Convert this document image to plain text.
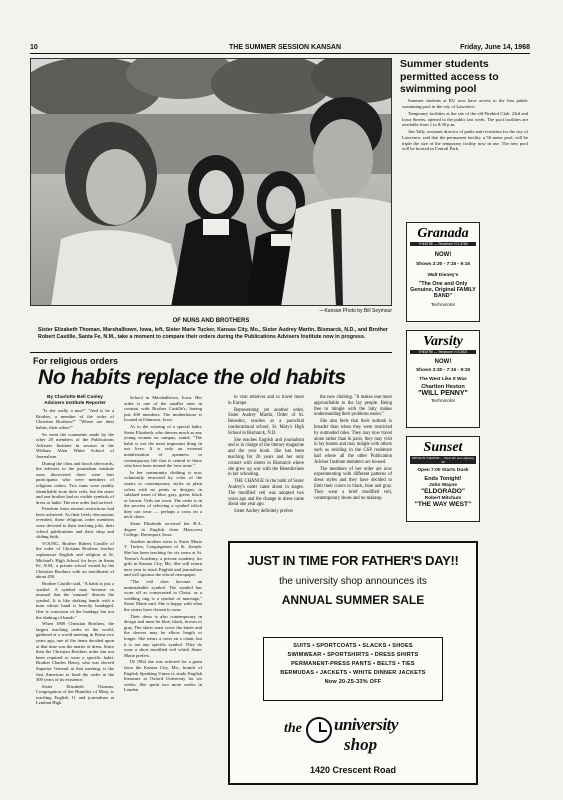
10	THE SUMMER SESSION KANSAN	Friday, June 14, 1968
—Kansan Photo by Bill Seymour
OF NUNS AND BROTHERS
Sister Elizabeth Thoman, Marshalltown, Iowa, left, Sister Marie Tucker, Kansas City, Mo., Sister Audrey Martin, Bismarck, N.D., and Brother Robert Castille, Santa Fe, N.M., take a moment to compare their orders during the Publications Advisers Institute now in progress.
For religious orders
No habits replace the old habits
By Charlotte Bell Conley
Advisers Institute Reporter

"Is she really a nun?" "And is he a Brother, a member of the order of Christian Brothers?" "Where are their habits, their robes?"

So went the comments made by the other 20 members of the Publications Advisers Institute in session at the William Allen White School of Journalism.

During the class and lunch afterwards, the advisers in the journalism institute soon discovered there were four participants who were members of religious orders. Two nuns were readily identifiable from their veils, but the sister and one brother had no visible symbols of dress or habit. The new order had arrived.

Freedom from ancient restrictions had been achieved. As their lively discussions revealed, these religious order members were devoted to their teaching jobs, their school publications and their shop and sliding faith.

YOUNG, Brother Robert Castille of the order of Christian Brothers teaches sophomore English and religion at St. Michael's High School for boys in Santa Fe, N.M., a private school owned by the Christian Brothers with an enrollment of about 450.

Brother Castille said, "A habit is just a symbol. A symbol may become so unusual that the 'unusual' distorts the symbol. It is like shaking hands with a man whose hand is heavily bandaged. One is conscious of the bandage but not the shaking of hands."

When 1800 Christian Brothers, the largest teaching order in the world, gathered at a world meeting in Rome two years ago, one of the items decided upon at that time was the matter of dress. Since then the Christian Brothers order has not been required to wear a specific habit. Brother Charles Henry, who was elected Superior General at that meeting, is the first American to head the order in the 300 years of its existence.

Sister Elizabeth Thoman, Congregation of the Humility of Mary, is teaching English 11 and journalism at Lenihan High

School in Marshalltown, Iowa. Her order is one of the smaller ones in contrast with Brother Castille's, having just 400 members. The motherhouse is located in Ottumwa, Iowa.

As to the wearing of a special habit, Sister Elizabeth, who dresses much as any young woman on campus, stated, "The habit is not the most important thing in our lives. It is only an external manifestation of openness to contemporary life that is central to those who have been termed the 'new nuns'."

In her community clothing is now voluntarily restricted by color of the sisters to contemporary styles in plain colors with no prints or designs, in subdued tones of blue, gray, green, black or brown. Veils are worn. The order is in the process of selecting a symbol which they can wear — perhaps a cross on a neck chain.

Sister Elizabeth received her B.A. degree in English from Marycrest College, Davenport, Iowa.

Another modern sister is Sister Marie T. Tucker, Congregation of St. Joseph. She has been teaching for six years at St. Teresa's Academy, a private academy for girls in Kansas City, Mo. She will return next year to teach English and journalism and will sponsor the school newspaper.

"The veil does become an unmistakable symbol. The symbol has worn off as consecrated to Christ, as a wedding ring is a symbol of marriage," Sister Marie said. She is happy with what the sisters have chosen to wear.

Their dress is also contemporary in design and must be blue, black, brown or gray. The skirts must cover the knees and the sleeves may be elbow length or longer. She wears a cross on a chain, but it is not any specific symbol. They do wear a short modified veil which Sister Marie prefers.

IN 1964 she was selected for a grant from the Kansas City, Mo., branch of English Speaking Union to study English literature at Oxford University for six weeks. She spent two more weeks in London

to visit relatives and to travel more in Europe.

Representing yet another order, Sister Audrey Martin, Order of St. Benedict, teaches at a parochial coeducational school, St. Mary's High School in Bismarck, N.D.

She teaches English and journalism and is in charge of the literary magazine and the year book. She has been teaching for 20 years and her only contact with sisters in Bismarck where she grew up was with the Benedictines in her schooling.

THE CHANGE in the habit of Sister Audrey's order came about in stages. The modified veil was adopted two years ago and the change in dress came about one year ago.

Sister Audrey definitely prefers

the new clothing. "It makes one more approachable to the lay people. Being free to mingle with the laity makes understanding their problems easier."

She also feels that their outlook is broader than when they were restricted by outmoded rules. They may now travel alone rather than in pairs, they may visit in lay homes and may mingle with others such as residing in the GSP residence hall where all the other Publication Adviser Institute members are housed.

The members of her order are now experimenting with different patterns of dress styles and they have decided to limit their colors to black, blue and gray. They wear a brief modified veil, contemporary shoes and no makeup.

Summer students permitted access to swimming pool

Summer students at KU now have access to the first public swimming pool in the city of Lawrence.

Temporary facilities at the site of the old Firebird Club, 23rd and Iowa Streets, opened to the public last week. The pool facilities are available from 1 to 8:30 p.m.

Jim Tally, assistant director of parks and recreation for the city of Lawrence, said that the permanent facility, a 50 meter pool, will be triple the size of the temporary facility now in use. The new pool will be located in Central Park.

Granada
THEATRE — Telephone VI 3-4788
NOW!
Shows 2:30 - 7:15 - 9:15
Walt Disney's
"The One and Only Genuine, Original FAMILY BAND"
Technicolor
Varsity
THEATRE — Telephone VI 3-3821
NOW!
Shows 2:30 - 7:15 - 9:15
The West Like It Was
Charlton Heston
"WILL PENNY"
Technicolor
Sunset
DRIVE-IN THEATRE — West 6th and Highway 40
Open 7:00 Starts Dusk
Ends Tonight!
John Wayne
"ELDORADO"
Robert Mitchum
"THE WAY WEST"
JUST IN TIME FOR FATHER'S DAY!!
the university shop announces its
ANNUAL SUMMER SALE
SUITS • SPORTCOATS • SLACKS • SHOES
SWIMWEAR • SPORTSHIRTS • DRESS SHIRTS
PERMANENT-PRESS PANTS • BELTS • TIES
BERMUDAS • JACKETS • WHITE DINNER JACKETS
Now 20-25-33% OFF
the university
shop
1420 Crescent Road
